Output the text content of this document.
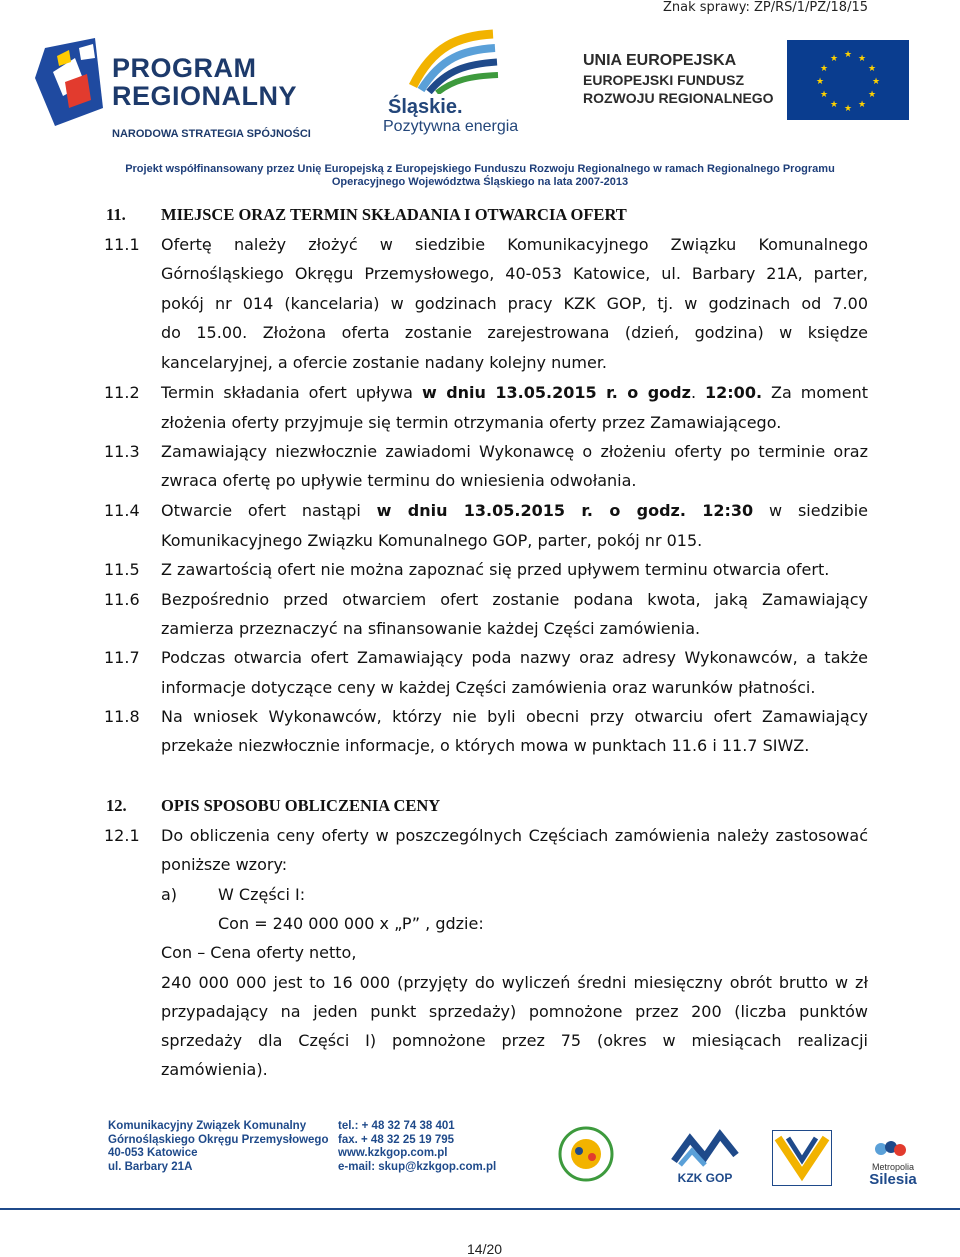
Znak sprawy: ZP/RS/1/PZ/18/15
PROGRAM
REGIONALNY
NARODOWA STRATEGIA SPÓJNOŚCI
Śląskie.
Pozytywna energia
UNIA EUROPEJSKA
EUROPEJSKI FUNDUSZ
ROZWOJU REGIONALNEGO
★ ★
★
★
★
★
★
★
★
★
★
★
Projekt współfinansowany przez Unię Europejską z Europejskiego Funduszu Rozwoju Regionalnego w ramach Regionalnego Programu
Operacyjnego Województwa Śląskiego na lata 2007-2013
11. MIEJSCE ORAZ TERMIN SKŁADANIA I OTWARCIA OFERT
11.1 Ofertę należy złożyć w siedzibie Komunikacyjnego Związku Komunalnego
Górnośląskiego Okręgu Przemysłowego, 40-053 Katowice, ul. Barbary 21A, parter,
pokój nr 014 (kancelaria) w godzinach pracy KZK GOP, tj. w godzinach od 7.00
do 15.00. Złożona oferta zostanie zarejestrowana (dzień, godzina) w księdze
kancelaryjnej, a ofercie zostanie nadany kolejny numer.
11.2 Termin składania ofert upływa w dniu 13.05.2015 r. o godz. 12:00. Za moment
złożenia oferty przyjmuje się termin otrzymania oferty przez Zamawiającego.
11.3 Zamawiający niezwłocznie zawiadomi Wykonawcę o złożeniu oferty po terminie oraz
zwraca ofertę po upływie terminu do wniesienia odwołania.
11.4 Otwarcie ofert nastąpi w dniu 13.05.2015 r. o godz. 12:30 w siedzibie
Komunikacyjnego Związku Komunalnego GOP, parter, pokój nr 015.
11.5 Z zawartością ofert nie można zapoznać się przed upływem terminu otwarcia ofert.
11.6 Bezpośrednio przed otwarciem ofert zostanie podana kwota, jaką Zamawiający
zamierza przeznaczyć na sfinansowanie każdej Części zamówienia.
11.7 Podczas otwarcia ofert Zamawiający poda nazwy oraz adresy Wykonawców, a także
informacje dotyczące ceny w każdej Części zamówienia oraz warunków płatności.
11.8 Na wniosek Wykonawców, którzy nie byli obecni przy otwarciu ofert Zamawiający
przekaże niezwłocznie informacje, o których mowa w punktach 11.6 i 11.7 SIWZ.
12. OPIS SPOSOBU OBLICZENIA CENY
12.1 Do obliczenia ceny oferty w poszczególnych Częściach zamówienia należy zastosować
poniższe wzory:
a)	W Części I:
Con = 240 000 000 x „P” , gdzie:
Con – Cena oferty netto,
240 000 000 jest to 16 000 (przyjęty do wyliczeń średni miesięczny obrót brutto w zł
przypadający na jeden punkt sprzedaży) pomnożone przez 200 (liczba punktów
sprzedaży dla Części I) pomnożone przez 75 (okres w miesiącach realizacji
zamówienia).
Komunikacyjny Związek Komunalny
Górnośląskiego Okręgu Przemysłowego
40-053 Katowice
ul. Barbary 21A
tel.: + 48 32 74 38 401
fax. + 48 32 25 19 795
www.kzkgop.com.pl
e-mail: skup@kzkgop.com.pl
KZK GOP
Metropolia
Silesia
14/20
